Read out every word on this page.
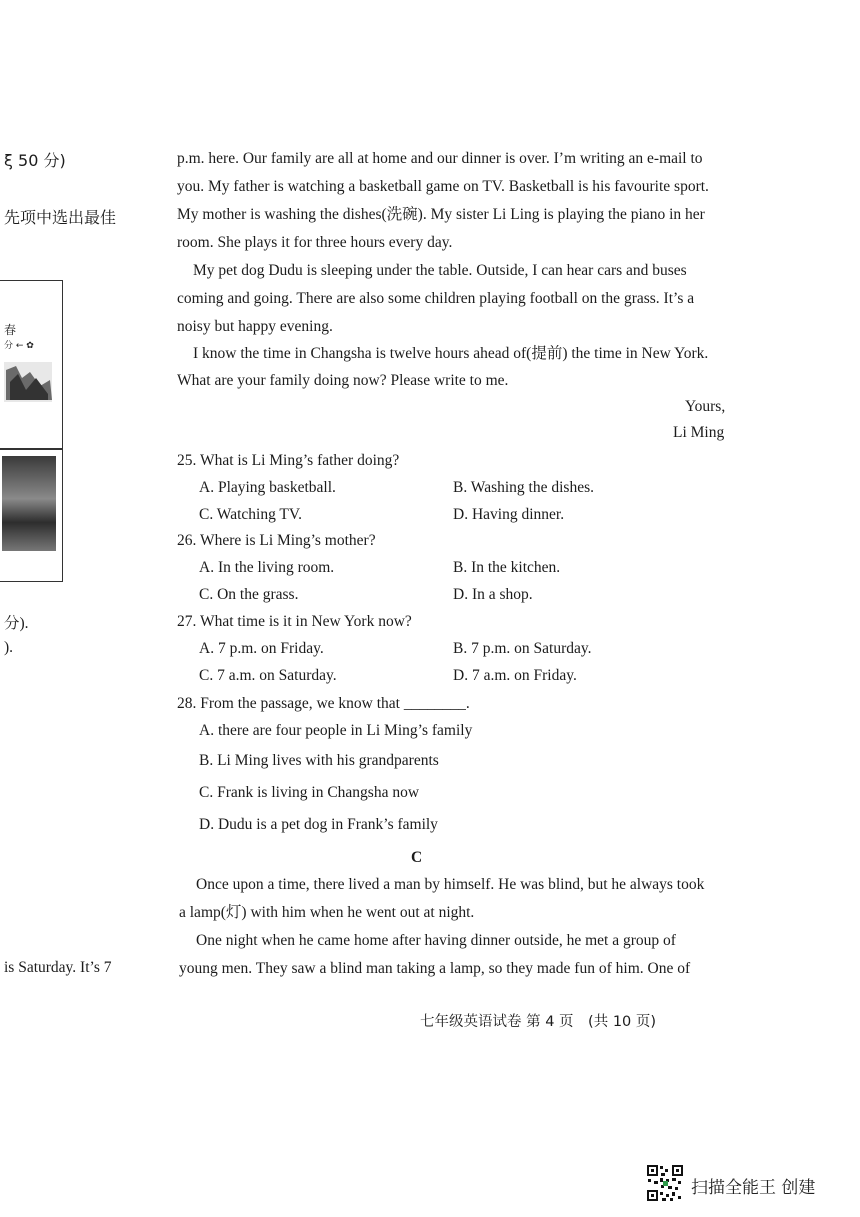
ξ 50 分)
先项中选出最佳
春
分 ← ✿
分).
).
is Saturday. It’s 7
p.m. here. Our family are all at home and our dinner is over. I’m writing an e-mail to
you. My father is watching a basketball game on TV. Basketball is his favourite sport.
My mother is washing the dishes(洗碗). My sister Li Ling is playing the piano in her
room. She plays it for three hours every day.
My pet dog Dudu is sleeping under the table. Outside, I can hear cars and buses
coming and going. There are also some children playing football on the grass. It’s a
noisy but happy evening.
I know the time in Changsha is twelve hours ahead of(提前) the time in New York.
What are your family doing now? Please write to me.
Yours,
Li Ming
25. What is Li Ming’s father doing?
A. Playing basketball.	B. Washing the dishes.
C. Watching TV.	D. Having dinner.
26. Where is Li Ming’s mother?
A. In the living room.	B. In the kitchen.
C. On the grass.	D. In a shop.
27. What time is it in New York now?
A. 7 p.m. on Friday.	B. 7 p.m. on Saturday.
C. 7 a.m. on Saturday.	D. 7 a.m. on Friday.
28. From the passage, we know that ________.
A. there are four people in Li Ming’s family
B. Li Ming lives with his grandparents
C. Frank is living in Changsha now
D. Dudu is a pet dog in Frank’s family
C
Once upon a time, there lived a man by himself. He was blind, but he always took
a lamp(灯) with him when he went out at night.
One night when he came home after having dinner outside, he met a group of
young men. They saw a blind man taking a lamp, so they made fun of him. One of
七年级英语试卷 第 4 页　(共 10 页)
扫描全能王 创建
